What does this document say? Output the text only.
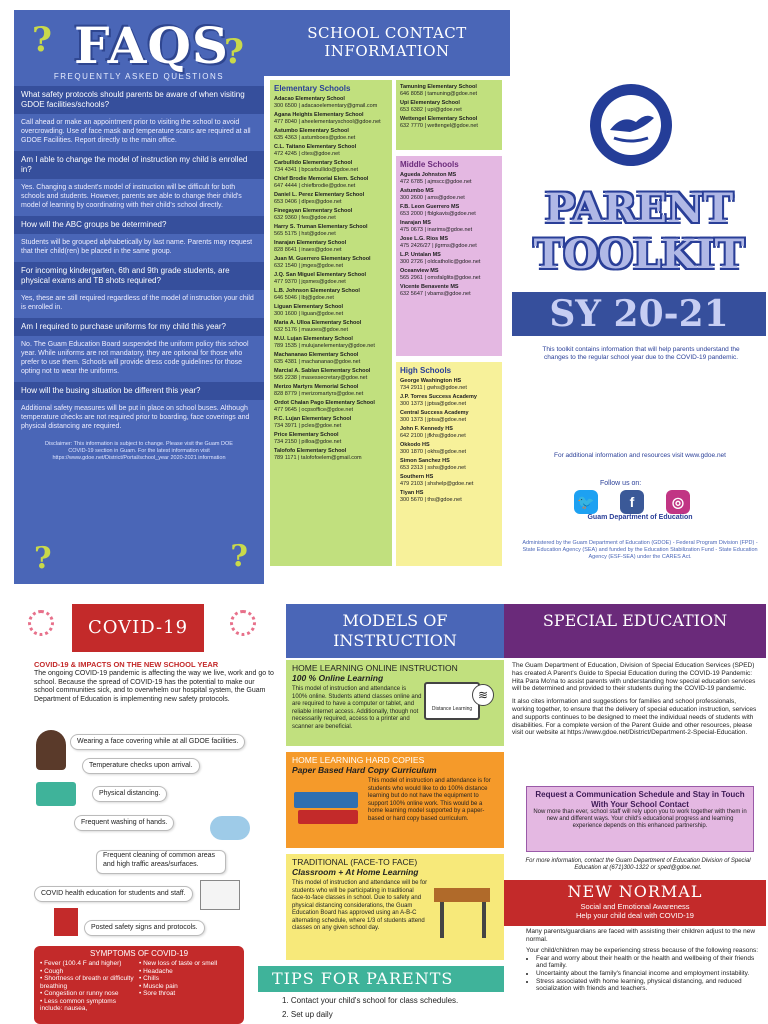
?	?
FAQS
FREQUENTLY ASKED QUESTIONS
What safety protocols should parents be aware of when visiting GDOE facilities/schools?
Call ahead or make an appointment prior to visiting the school to avoid overcrowding. Use of face mask and temperature scans are required at all GDOE Facilities. Report directly to the main office.
Am I able to change the model of instruction my child is enrolled in?
Yes. Changing a student's model of instruction will be difficult for both schools and students. However, parents are able to change their child's model of learning by coordinating with their child's school directly.
How will the ABC groups be determined?
Students will be grouped alphabetically by last name. Parents may request that their child(ren) be placed in the same group.
For incoming kindergarten, 6th and 9th grade students, are physical exams and TB shots required?
Yes, these are still required regardless of the model of instruction your child is enrolled in.
Am I required to purchase uniforms for my child this year?
No. The Guam Education Board suspended the uniform policy this school year. While uniforms are not mandatory, they are optional for those who prefer to use them. Schools will provide dress code guidelines for those opting not to wear the uniforms.
How will the busing situation be different this year?
Additional safety measures will be put in place on school buses. Although temperature checks are not required prior to boarding, face coverings and physical distancing are required.
Disclaimer: This information is subject to change. Please visit the Guam DOE COVID-19 section in Guam. For the latest information visit https://www.gdoe.net/District/Portal/school_year 2020-2021 information
?	?
SCHOOL CONTACT INFORMATION
Elementary Schools
Adacao Elementary School
300 6500 | adacaoelementary@gmail.com
Agana Heights Elementary School
477 8040 | aheelementaryschool@gdoe.net
Astumbo Elementary School
635 4363 | astumboes@gdoe.net
C.L. Taitano Elementary School
472 4245 | cltes@gdoe.net
Carbullido Elementary School
734 4341 | bpcarbullido@gdoe.net
Chief Brodie Memorial Elem. School
647 4444 | chiefbrodie@gdoe.net
Daniel L. Perez Elementary School
653 0406 | dlpes@gdoe.net
Finegayan Elementary School
632 9360 | fes@gdoe.net
Harry S. Truman Elementary School
565 5175 | hst@gdoe.net
Inarajan Elementary School
828 8641 | inaes@gdoe.net
Juan M. Guerrero Elementary School
632 1540 | jmges@gdoe.net
J.Q. San Miguel Elementary School
477 9370 | jqsmes@gdoe.net
L.B. Johnson Elementary School
646 5046 | lbj@gdoe.net
Liguan Elementary School
300 1600 | liguan@gdoe.net
Maria A. Ulloa Elementary School
632 5176 | mauoes@gdoe.net
M.U. Lujan Elementary School
789 1535 | mulujanelementary@gdoe.net
Machananao Elementary School
635 4381 | machananao@gdoe.net
Marcial A. Sablan Elementary School
565 2238 | masessecretary@gdoe.net
Merizo Martyrs Memorial School
828 8779 | merizomartyrs@gdoe.net
Ordot Chalan Pago Elementary School
477 9645 | ocpsoffice@gdoe.net
P.C. Lujan Elementary School
734 3971 | pcles@gdoe.net
Price Elementary School
734 2150 | pilloa@gdoe.net
Talofofo Elementary School
789 1171 | talofofoelem@gmail.com
Tamuning Elementary School
646 8058 | tamuning@gdoe.net
Upi Elementary School
653 6382 | upi@gdoe.net
Wettengel Elementary School
632 7770 | wettengel@gdoe.net
Middle Schools
Agueda Johnston MS
472 6785 | ajmscc@gdoe.net
Astumbo MS
300 2600 | ams@gdoe.net
F.B. Leon Guerrero MS
653 2000 | fblgkavis@gdoe.net
Inarajan MS
475 0673 | inarims@gdoe.net
Jose L.G. Rios MS
475 2426/27 | jlgrms@gdoe.net
L.P. Untalan MS
300 2726 | oldcatholic@gdoe.net
Oceanview MS
565 2961 | omsfalglits@gdoe.net
Vicente Benavente MS
632 5647 | vbams@gdoe.net
High Schools
George Washington HS
734 2911 | gwhs@gdoe.net
J.P. Torres Success Academy
300 1373 | jptsa@gdoe.net
Central Success Academy
300 1373 | jptsa@gdoe.net
John F. Kennedy HS
642 2100 | jfkhs@gdoe.net
Okkodo HS
300 1870 | okhs@gdoe.net
Simon Sanchez HS
653 2313 | sshs@gdoe.net
Southern HS
479 2103 | shshelp@gdoe.net
Tiyan HS
300 5670 | ths@gdoe.net
PARENT
TOOLKIT
SY 20-21
This toolkit contains information that will help parents understand the changes to the regular school year due to the COVID-19 pandemic.
For additional information and resources visit www.gdoe.net
Follow us on:
🐦	f	◎
Guam Department of Education
Administered by the Guam Department of Education (GDOE) - Federal Program Division (FPD) - State Education Agency (SEA) and funded by the Education Stabilization Fund - State Education Agency (ESF-SEA) under the CARES Act.
COVID-19
COVID-19 & IMPACTS ON THE NEW SCHOOL YEAR
The ongoing COVID-19 pandemic is affecting the way we live, work and go to school. Because the spread of COVID-19 has the potential to make our school communities sick, and to overwhelm our hospital system, the Guam Department of Education is implementing new safety protocols.
Wearing a face covering while at all GDOE facilities.
Temperature checks upon arrival.
Physical distancing.
Frequent washing of hands.
Frequent cleaning of common areas and high traffic areas/surfaces.
COVID health education for students and staff.
Posted safety signs and protocols.
SYMPTOMS OF COVID-19
• Fever (100.4 F and higher)
• Cough
• Shortness of breath or difficulty breathing
• Congestion or runny nose
• Less common symptoms include: nausea,
• New loss of taste or smell
• Headache
• Chills
• Muscle pain
• Sore throat
MODELS OF INSTRUCTION
HOME LEARNING ONLINE INSTRUCTION
100 % Online Learning

This model of instruction and attendance is 100% online. Students attend classes online and are required to have a computer or tablet, and reliable internet access. Additionally, though not necessarily required, access to a printer and scanner are beneficial.

Distance Learning
≋
HOME LEARNING HARD COPIES
Paper Based Hard Copy Curriculum

This model of instruction and attendance is for students who would like to do 100% distance learning but do not have the equipment to support 100% online work. This would be a home learning model supported by a paper-based or hard copy based curriculum.

TRADITIONAL (FACE-TO FACE)
Classroom + At Home Learning

This model of instruction and attendance will be for students who will be participating in traditional face-to-face classes in school. Due to safety and physical distancing considerations, the Guam Education Board has approved using an A-B-C alternating schedule, where 1/3 of students attend classes on any given school day.

TIPS FOR PARENTS
1. Contact your child's school for class schedules.
2. Set up daily
SPECIAL EDUCATION

The Guam Department of Education, Division of Special Education Services (SPED) has created A Parent's Guide to Special Education during the COVID-19 Pandemic: Hita Para Mo'na to assist parents with understanding how special education services will be determined and provided to their students during the COVID-19 pandemic.

It also cites information and suggestions for families and school professionals, working together, to ensure that the delivery of special education instruction, services and supports continues to be designed to meet the individual needs of students with disabilities. For a complete version of the Parent Guide and other resources, please visit our website at https://www.gdoe.net/District/Department-2-Special-Education.

Request a Communication Schedule and Stay in Touch With Your School Contact

Now more than ever, school staff will rely upon you to work together with them in new and different ways. Your child's educational progress and learning experience depends on this enhanced partnership.

For more information, contact the Guam Department of Education Division of Special Education at (671)300-1322 or sped@gdoe.net.
NEW NORMAL
Social and Emotional Awareness
Help your child deal with COVID-19

Many parents/guardians are faced with assisting their children adjust to the new normal.

Your child/children may be experiencing stress because of the following reasons:

• Fear and worry about their health or the health and wellbeing of their friends and family.
• Uncertainty about the family's financial income and employment instability.
• Stress associated with home learning, physical distancing, and reduced socialization with friends and teachers.
